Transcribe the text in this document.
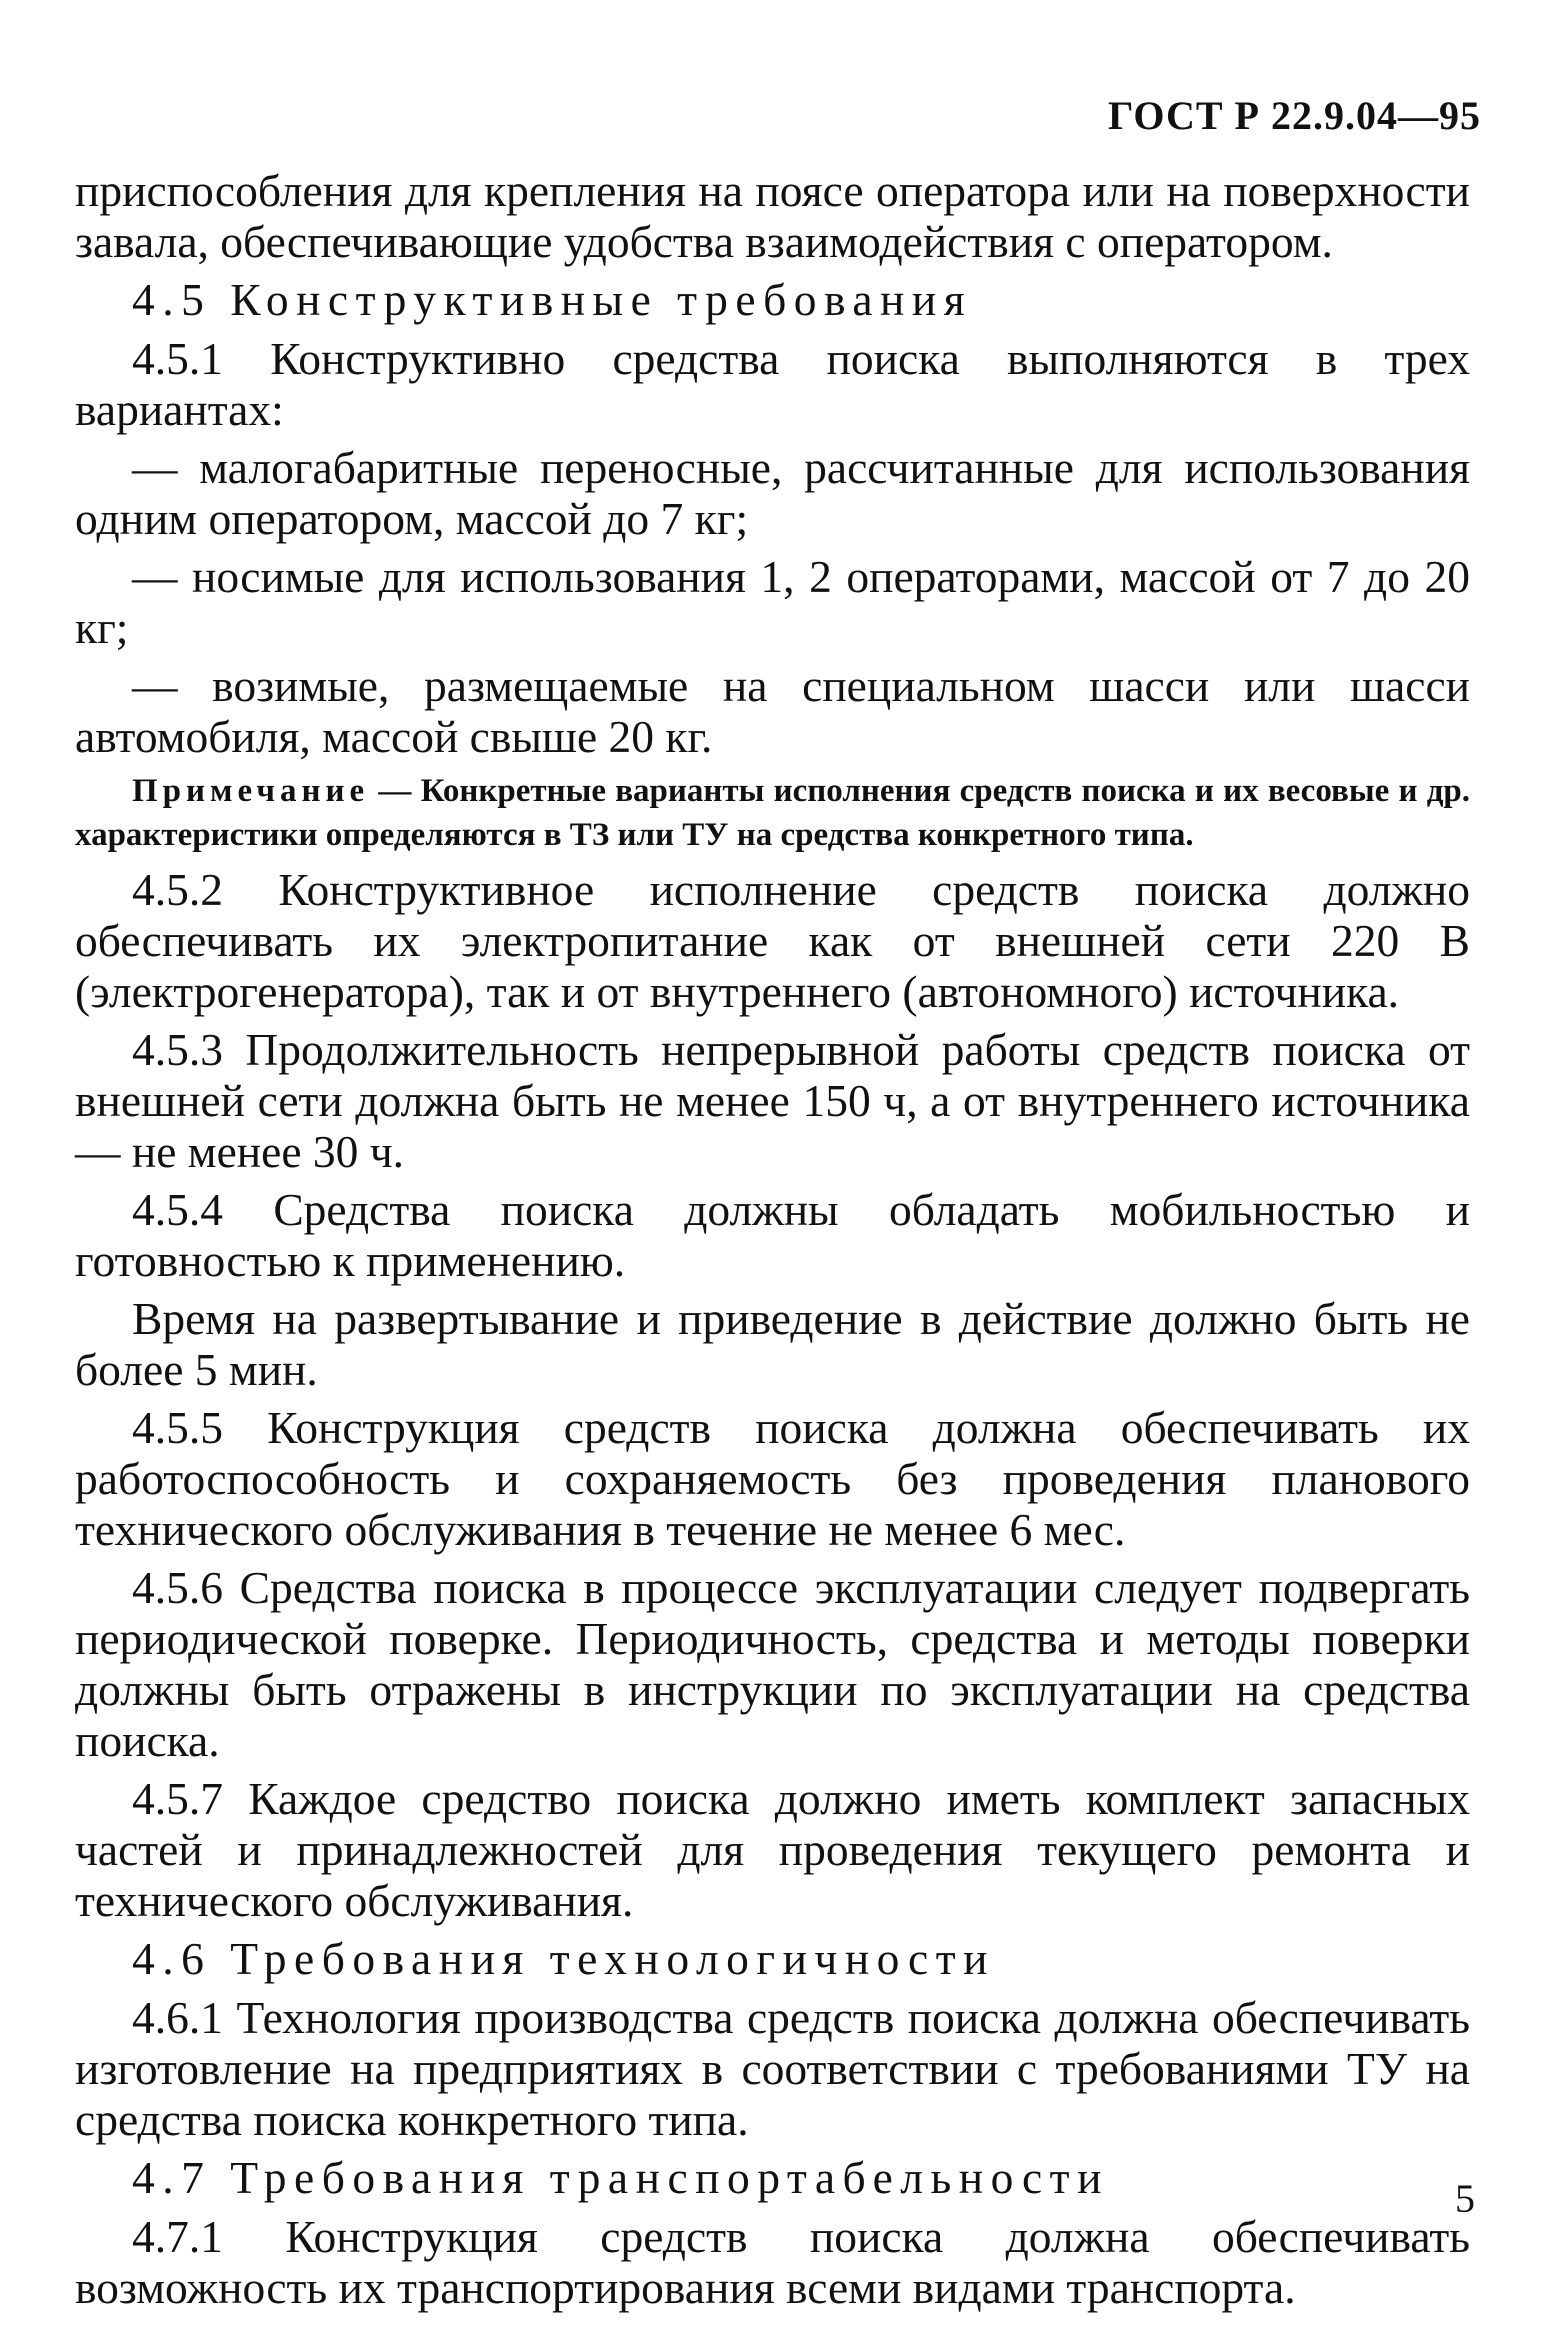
ГОСТ Р 22.9.04—95

приспособления для крепления на поясе оператора или на поверхности завала, обеспечивающие удобства взаимодействия с оператором.

4.5 Конструктивные требования

4.5.1 Конструктивно средства поиска выполняются в трех вариантах:

— малогабаритные переносные, рассчитанные для использования одним оператором, массой до 7 кг;

— носимые для использования 1, 2 операторами, массой от 7 до 20 кг;

— возимые, размещаемые на специальном шасси или шасси автомобиля, массой свыше 20 кг.

Примечание — Конкретные варианты исполнения средств поиска и их весовые и др. характеристики определяются в ТЗ или ТУ на средства конкретного типа.

4.5.2 Конструктивное исполнение средств поиска должно обеспечивать их электропитание как от внешней сети 220 В (электрогенератора), так и от внутреннего (автономного) источника.

4.5.3 Продолжительность непрерывной работы средств поиска от внешней сети должна быть не менее 150 ч, а от внутреннего источника — не менее 30 ч.

4.5.4 Средства поиска должны обладать мобильностью и готовностью к применению.

Время на развертывание и приведение в действие должно быть не более 5 мин.

4.5.5 Конструкция средств поиска должна обеспечивать их работоспособность и сохраняемость без проведения планового технического обслуживания в течение не менее 6 мес.

4.5.6 Средства поиска в процессе эксплуатации следует подвергать периодической поверке. Периодичность, средства и методы поверки должны быть отражены в инструкции по эксплуатации на средства поиска.

4.5.7 Каждое средство поиска должно иметь комплект запасных частей и принадлежностей для проведения текущего ремонта и технического обслуживания.

4.6 Требования технологичности

4.6.1 Технология производства средств поиска должна обеспечивать изготовление на предприятиях в соответствии с требованиями ТУ на средства поиска конкретного типа.

4.7 Требования транспортабельности

4.7.1 Конструкция средств поиска должна обеспечивать возможность их транспортирования всеми видами транспорта.

5
